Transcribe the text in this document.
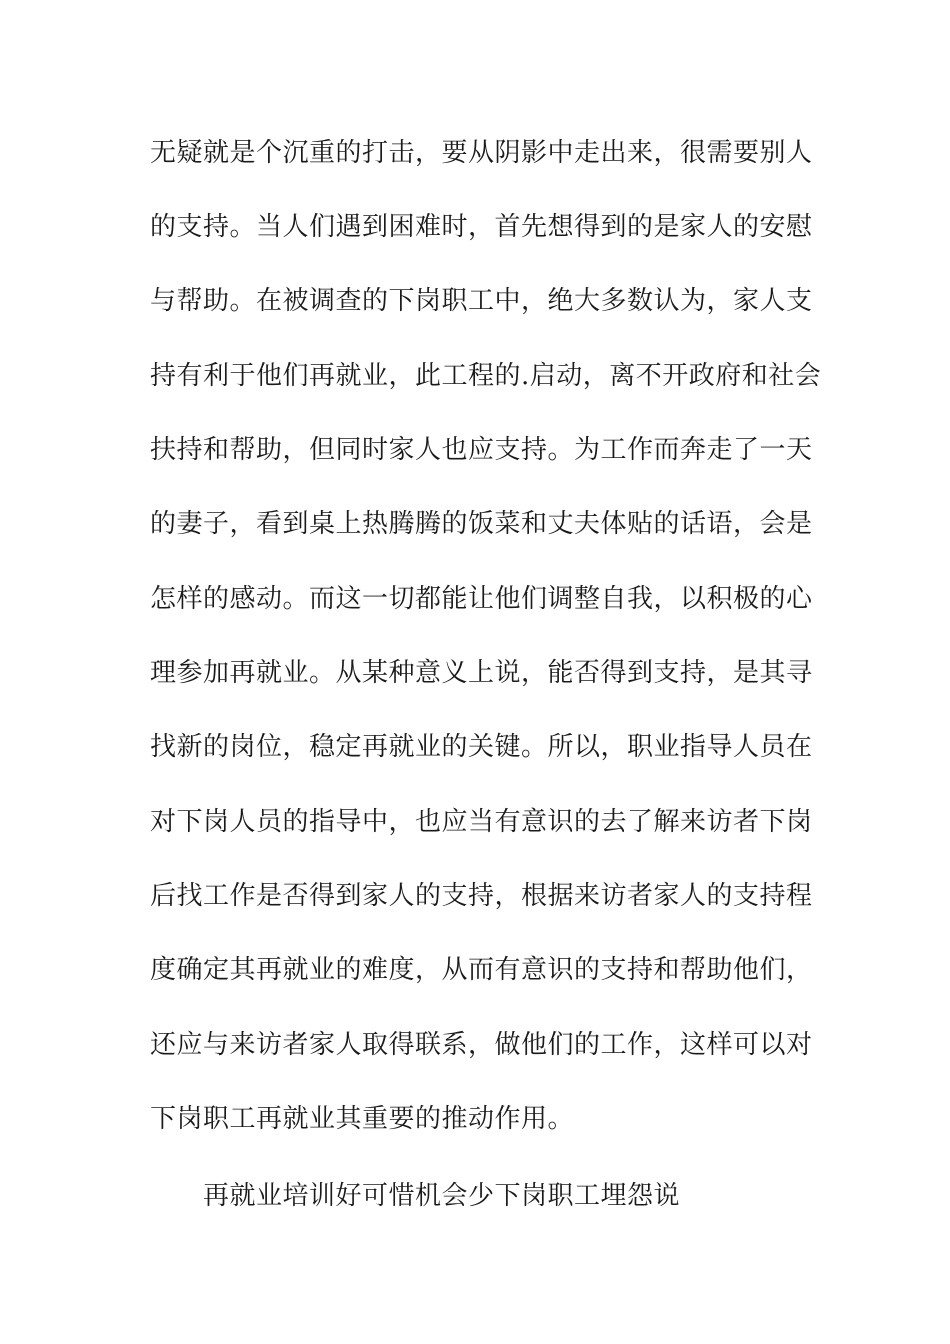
无疑就是个沉重的打击，要从阴影中走出来，很需要别人
的支持。当人们遇到困难时，首先想得到的是家人的安慰
与帮助。在被调查的下岗职工中，绝大多数认为，家人支
持有利于他们再就业，此工程的.启动，离不开政府和社会
扶持和帮助，但同时家人也应支持。为工作而奔走了一天
的妻子，看到桌上热腾腾的饭菜和丈夫体贴的话语，会是
怎样的感动。而这一切都能让他们调整自我，以积极的心
理参加再就业。从某种意义上说，能否得到支持，是其寻
找新的岗位，稳定再就业的关键。所以，职业指导人员在
对下岗人员的指导中，也应当有意识的去了解来访者下岗
后找工作是否得到家人的支持，根据来访者家人的支持程
度确定其再就业的难度，从而有意识的支持和帮助他们，
还应与来访者家人取得联系，做他们的工作，这样可以对
下岗职工再就业其重要的推动作用。
再就业培训好可惜机会少下岗职工埋怨说
